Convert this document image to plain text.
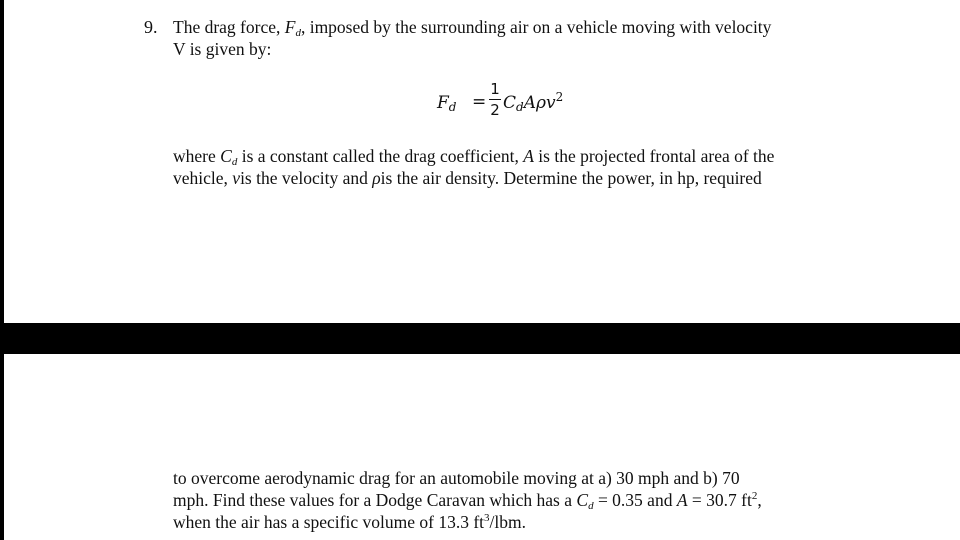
9. The drag force, $F_d$, imposed by the surrounding air on a vehicle moving with velocity
V is given by:
$F_d$ =
1
2 $C_dA\rho v^2$
where $C_d$ is a constant called the drag coefficient, A is the projected frontal area of the
vehicle, vis the velocity and ρis the air density. Determine the power, in hp, required
to overcome aerodynamic drag for an automobile moving at a) 30 mph and b) 70
mph. Find these values for a Dodge Caravan which has a $C_d = 0.35$ and A = 30.7 $ft^2$,
when the air has a specific volume of 13.3 $ft^3$/lbm.
